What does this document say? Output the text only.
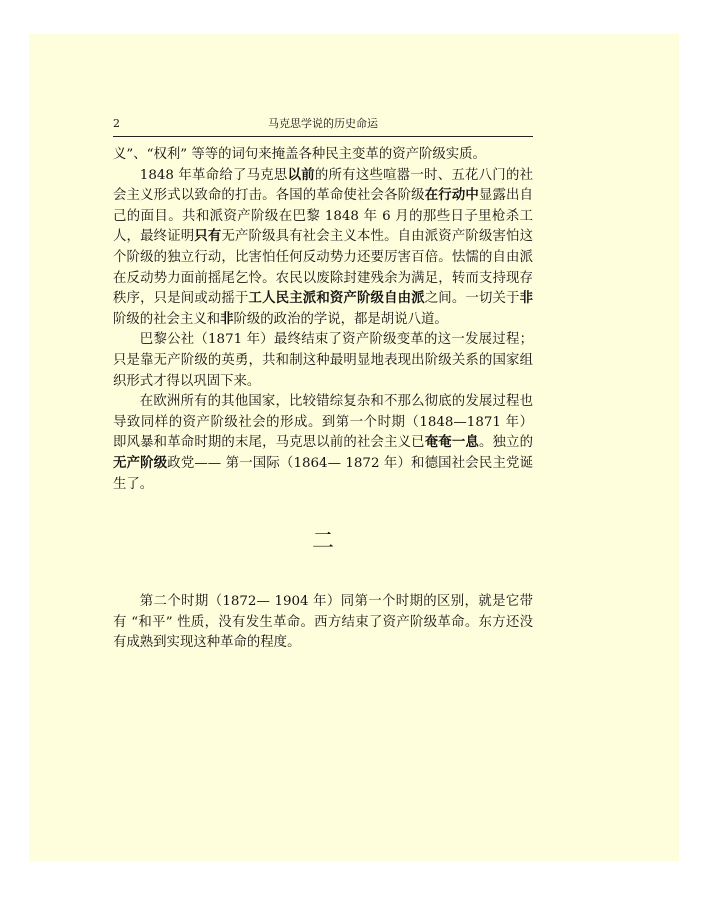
2	马克思学说的历史命运

义”、“权利” 等等的词句来掩盖各种民主变革的资产阶级实质。

1848 年革命给了马克思以前的所有这些喧嚣一时、五花八门的社会主义形式以致命的打击。各国的革命使社会各阶级在行动中显露出自己的面目。共和派资产阶级在巴黎 1848 年 6 月的那些日子里枪杀工人，最终证明只有无产阶级具有社会主义本性。自由派资产阶级害怕这个阶级的独立行动，比害怕任何反动势力还要厉害百倍。怯懦的自由派在反动势力面前摇尾乞怜。农民以废除封建残余为满足，转而支持现存秩序，只是间或动摇于工人民主派和资产阶级自由派之间。一切关于非阶级的社会主义和非阶级的政治的学说，都是胡说八道。

巴黎公社（1871 年）最终结束了资产阶级变革的这一发展过程；只是靠无产阶级的英勇，共和制这种最明显地表现出阶级关系的国家组织形式才得以巩固下来。

在欧洲所有的其他国家，比较错综复杂和不那么彻底的发展过程也导致同样的资产阶级社会的形成。到第一个时期（1848—1871 年）即风暴和革命时期的末尾，马克思以前的社会主义已奄奄一息。独立的无产阶级政党—— 第一国际（1864— 1872 年）和德国社会民主党诞生了。

二

第二个时期（1872— 1904 年）同第一个时期的区别，就是它带有 “和平” 性质，没有发生革命。西方结束了资产阶级革命。东方还没有成熟到实现这种革命的程度。
